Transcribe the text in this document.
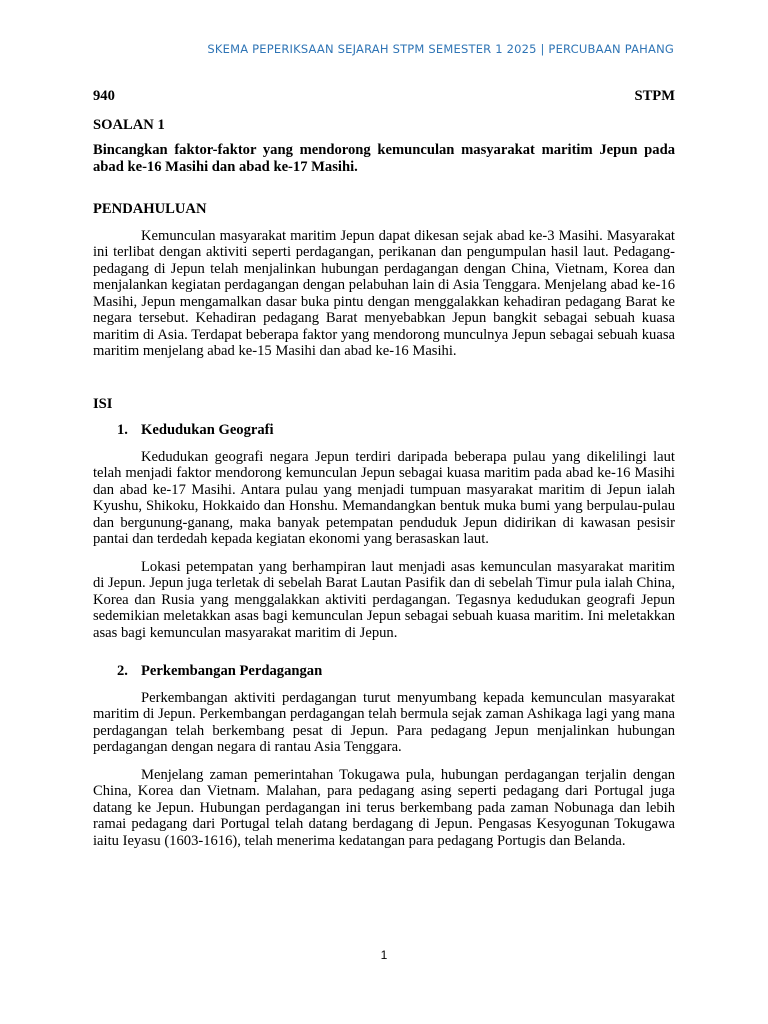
SKEMA PEPERIKSAAN SEJARAH STPM SEMESTER 1 2025 | PERCUBAAN PAHANG
940	STPM
SOALAN 1
Bincangkan faktor-faktor yang mendorong kemunculan masyarakat maritim Jepun pada abad ke-16 Masihi dan abad ke-17 Masihi.
PENDAHULUAN

Kemunculan masyarakat maritim Jepun dapat dikesan sejak abad ke-3 Masihi. Masyarakat ini terlibat dengan aktiviti seperti perdagangan, perikanan dan pengumpulan hasil laut. Pedagang-pedagang di Jepun telah menjalinkan hubungan perdagangan dengan China, Vietnam, Korea dan menjalankan kegiatan perdagangan dengan pelabuhan lain di Asia Tenggara. Menjelang abad ke-16 Masihi, Jepun mengamalkan dasar buka pintu dengan menggalakkan kehadiran pedagang Barat ke negara tersebut. Kehadiran pedagang Barat menyebabkan Jepun bangkit sebagai sebuah kuasa maritim di Asia. Terdapat beberapa faktor yang mendorong munculnya Jepun sebagai sebuah kuasa maritim menjelang abad ke-15 Masihi dan abad ke-16 Masihi.

ISI
1. Kedudukan Geografi

Kedudukan geografi negara Jepun terdiri daripada beberapa pulau yang dikelilingi laut telah menjadi faktor mendorong kemunculan Jepun sebagai kuasa maritim pada abad ke-16 Masihi dan abad ke-17 Masihi. Antara pulau yang menjadi tumpuan masyarakat maritim di Jepun ialah Kyushu, Shikoku, Hokkaido dan Honshu. Memandangkan bentuk muka bumi yang berpulau-pulau dan bergunung-ganang, maka banyak petempatan penduduk Jepun didirikan di kawasan pesisir pantai dan terdedah kepada kegiatan ekonomi yang berasaskan laut.

Lokasi petempatan yang berhampiran laut menjadi asas kemunculan masyarakat maritim di Jepun. Jepun juga terletak di sebelah Barat Lautan Pasifik dan di sebelah Timur pula ialah China, Korea dan Rusia yang menggalakkan aktiviti perdagangan. Tegasnya kedudukan geografi Jepun sedemikian meletakkan asas bagi kemunculan Jepun sebagai sebuah kuasa maritim. Ini meletakkan asas bagi kemunculan masyarakat maritim di Jepun.

2. Perkembangan Perdagangan

Perkembangan aktiviti perdagangan turut menyumbang kepada kemunculan masyarakat maritim di Jepun. Perkembangan perdagangan telah bermula sejak zaman Ashikaga lagi yang mana perdagangan telah berkembang pesat di Jepun. Para pedagang Jepun menjalinkan hubungan perdagangan dengan negara di rantau Asia Tenggara.

Menjelang zaman pemerintahan Tokugawa pula, hubungan perdagangan terjalin dengan China, Korea dan Vietnam. Malahan, para pedagang asing seperti pedagang dari Portugal juga datang ke Jepun. Hubungan perdagangan ini terus berkembang pada zaman Nobunaga dan lebih ramai pedagang dari Portugal telah datang berdagang di Jepun. Pengasas Kesyogunan Tokugawa iaitu Ieyasu (1603-1616), telah menerima kedatangan para pedagang Portugis dan Belanda.

1
